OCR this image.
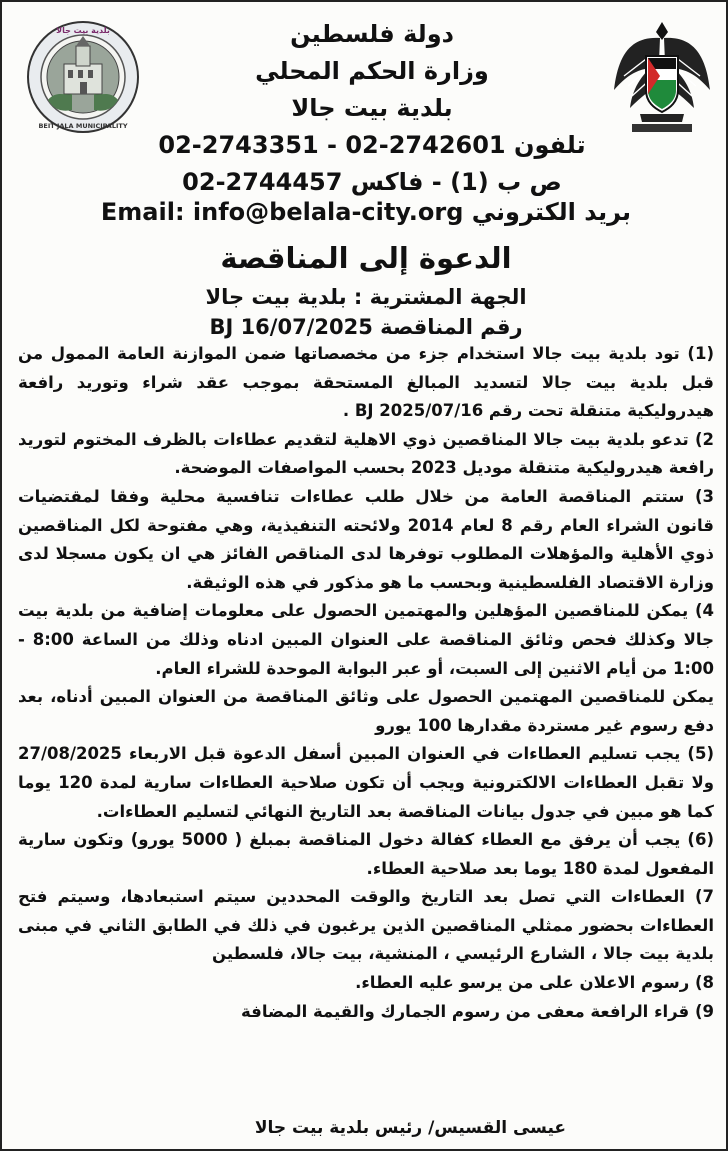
بلدية بيت جالا
BEIT JALA MUNICIPALITY
دولة فلسطين
وزارة الحكم المحلي
بلدية بيت جالا
تلفون 2742601-02 - 2743351-02
ص ب (1) - فاكس 2744457-02
بريد الكتروني Email: info@belala-city.org
الدعوة إلى المناقصة
الجهة المشترية : بلدية بيت جالا
رقم المناقصة BJ 16/07/2025

(1) تود بلدية بيت جالا استخدام جزء من مخصصاتها ضمن الموازنة العامة الممول من قبل بلدية بيت جالا لتسديد المبالغ المستحقة بموجب عقد شراء وتوريد رافعة هيدروليكية متنقلة تحت رقم BJ 2025/07/16 .

2) تدعو بلدية بيت جالا المناقصين ذوي الاهلية لتقديم عطاءات بالظرف المختوم لتوريد رافعة هيدروليكية متنقلة موديل 2023 بحسب المواصفات الموضحة.

3) ستتم المناقصة العامة من خلال طلب عطاءات تنافسية محلية وفقا لمقتضيات قانون الشراء العام رقم 8 لعام 2014 ولائحته التنفيذية، وهي مفتوحة لكل المناقصين ذوي الأهلية والمؤهلات المطلوب توفرها لدى المناقص الفائز هي ان يكون مسجلا لدى وزارة الاقتصاد الفلسطينية وبحسب ما هو مذكور في هذه الوثيقة.

4) يمكن للمناقصين المؤهلين والمهتمين الحصول على معلومات إضافية من بلدية بيت جالا وكذلك فحص وثائق المناقصة على العنوان المبين ادناه وذلك من الساعة 8:00 - 1:00 من أيام الاثنين إلى السبت، أو عبر البوابة الموحدة للشراء العام.

يمكن للمناقصين المهتمين الحصول على وثائق المناقصة من العنوان المبين أدناه، بعد دفع رسوم غير مستردة مقدارها 100 يورو

(5) يجب تسليم العطاءات في العنوان المبين أسفل الدعوة قبل الاربعاء 27/08/2025 ولا تقبل العطاءات الالكترونية ويجب أن تكون صلاحية العطاءات سارية لمدة 120 يوما كما هو مبين في جدول بيانات المناقصة بعد التاريخ النهائي لتسليم العطاءات.

(6) يجب أن يرفق مع العطاء كفالة دخول المناقصة بمبلغ ( 5000 يورو) وتكون سارية المفعول لمدة 180 يوما بعد صلاحية العطاء.

7) العطاءات التي تصل بعد التاريخ والوقت المحددين سيتم استبعادها، وسيتم فتح العطاءات بحضور ممثلي المناقصين الذين يرغبون في ذلك في الطابق الثاني في مبنى بلدية بيت جالا ، الشارع الرئيسي ، المنشية، بيت جالا، فلسطين

8) رسوم الاعلان على من يرسو عليه العطاء.

9) قراء الرافعة معفى من رسوم الجمارك والقيمة المضافة

عيسى القسيس/ رئيس بلدية بيت جالا
